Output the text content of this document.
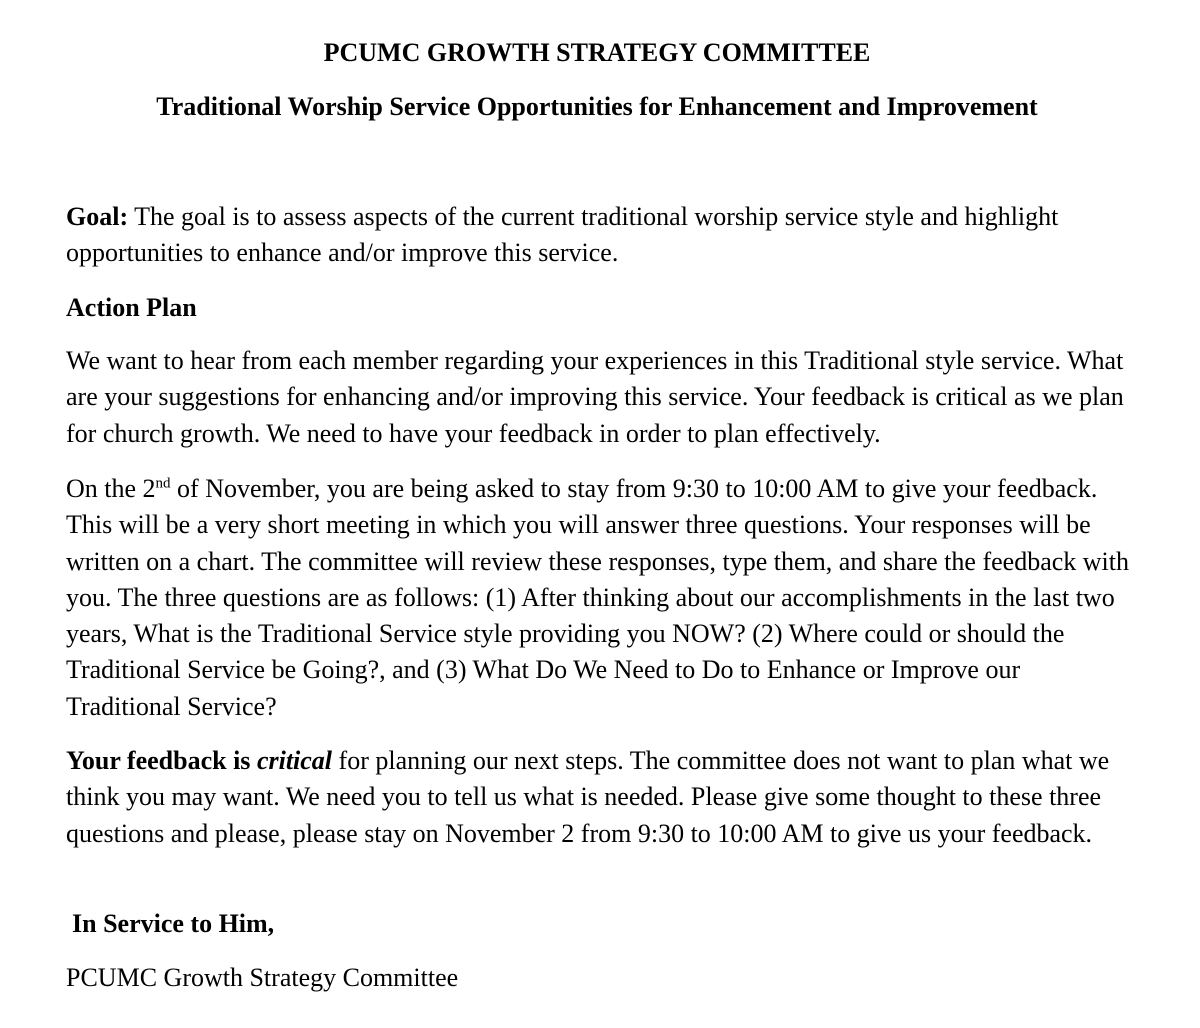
PCUMC GROWTH STRATEGY COMMITTEE
Traditional Worship Service Opportunities for Enhancement and Improvement

Goal: The goal is to assess aspects of the current traditional worship service style and highlight opportunities to enhance and/or improve this service.

Action Plan

We want to hear from each member regarding your experiences in this Traditional style service. What are your suggestions for enhancing and/or improving this service. Your feedback is critical as we plan for church growth. We need to have your feedback in order to plan effectively.

On the 2nd of November, you are being asked to stay from 9:30 to 10:00 AM to give your feedback. This will be a very short meeting in which you will answer three questions. Your responses will be written on a chart. The committee will review these responses, type them, and share the feedback with you. The three questions are as follows: (1) After thinking about our accomplishments in the last two years, What is the Traditional Service style providing you NOW? (2) Where could or should the Traditional Service be Going?, and (3) What Do We Need to Do to Enhance or Improve our Traditional Service?

Your feedback is critical for planning our next steps. The committee does not want to plan what we think you may want. We need you to tell us what is needed. Please give some thought to these three questions and please, please stay on November 2 from 9:30 to 10:00 AM to give us your feedback.

In Service to Him,

PCUMC Growth Strategy Committee
